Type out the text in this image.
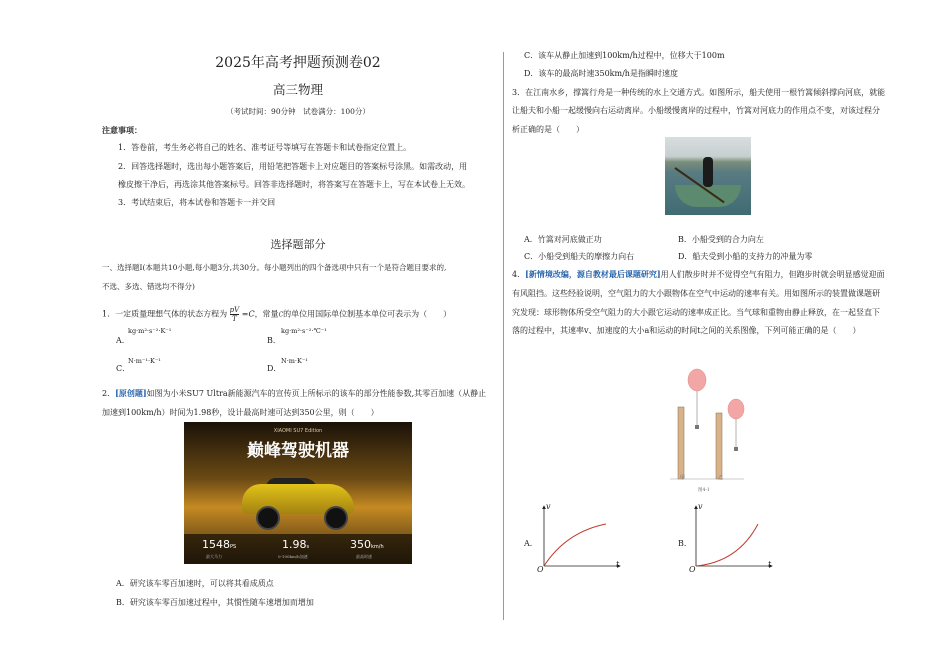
2025年高考押题预测卷02
高三物理
（考试时间：90分钟　试卷满分：100分）
注意事项：
1．答卷前，考生务必将自己的姓名、准考证号等填写在答题卡和试卷指定位置上。
2．回答选择题时，选出每小题答案后，用铅笔把答题卡上对应题目的答案标号涂黑。如需改动，用
橡皮擦干净后，再选涂其他答案标号。回答非选择题时，将答案写在答题卡上，写在本试卷上无效。
3．考试结束后，将本试卷和答题卡一并交回
选择题部分
一、选择题Ⅰ(本题共10小题,每小题3分,共30分。每小题列出的四个备选项中只有一个是符合题目要求的,
不选、多选、错选均不得分)
1．一定质量理想气体的状态方程为 $\frac{pV}{T} =C$，常量C的单位用国际单位制基本单位可表示为（　　）
A．
kg·m²·s⁻²·K⁻¹
B．
kg·m²·s⁻²·℃⁻¹
C．
N·m⁻¹·K⁻¹
D．
N·m·K⁻¹
2．[原创题]如图为小米SU7 Ultra新能源汽车的宣传页上所标示的该车的部分性能参数,其零百加速（从静止
加速到100km/h）时间为1.98秒，设计最高时速可达到350公里，则（　　）
XIAOMI SU7 Edition
巅峰驾驶机器
1548PS
最大马力
1.98s
0-100km/h加速
350km/h
最高时速
A．研究该车零百加速时，可以将其看成质点
B．研究该车零百加速过程中，其惯性随车速增加而增加
C．该车从静止加速到100km/h过程中，位移大于100m
D．该车的最高时速350km/h是指瞬时速度
3．在江南水乡，撑篙行舟是一种传统的水上交通方式。如图所示，船夫使用一根竹篙倾斜撑向河底，就能
让船夫和小船一起缓慢向右运动离岸。小船缓慢离岸的过程中，竹篙对河底力的作用点不变，对该过程分
析正确的是（　　）
A．竹篙对河底做正功	B．小船受到的合力向左
C．小船受到船夫的摩擦力向右	D．船夫受到小船的支持力的冲量为零
4．[新情境改编，源自教材最后课题研究]用人们散步时并不觉得空气有阻力，但跑步时就会明显感觉迎面
有风阻挡。这些经验说明，空气阻力的大小跟物体在空气中运动的速率有关。用如图所示的装置做课题研
究发现：球形物体所受空气阻力的大小跟它运动的速率成正比。当气球和重物由静止释放，在一起竖直下
落的过程中，其速率v、加速度的大小a和运动的时间t之间的关系图像，下列可能正确的是（　　）
甲	乙
图4-1
A．
v
t
O
B．
v
t
O
